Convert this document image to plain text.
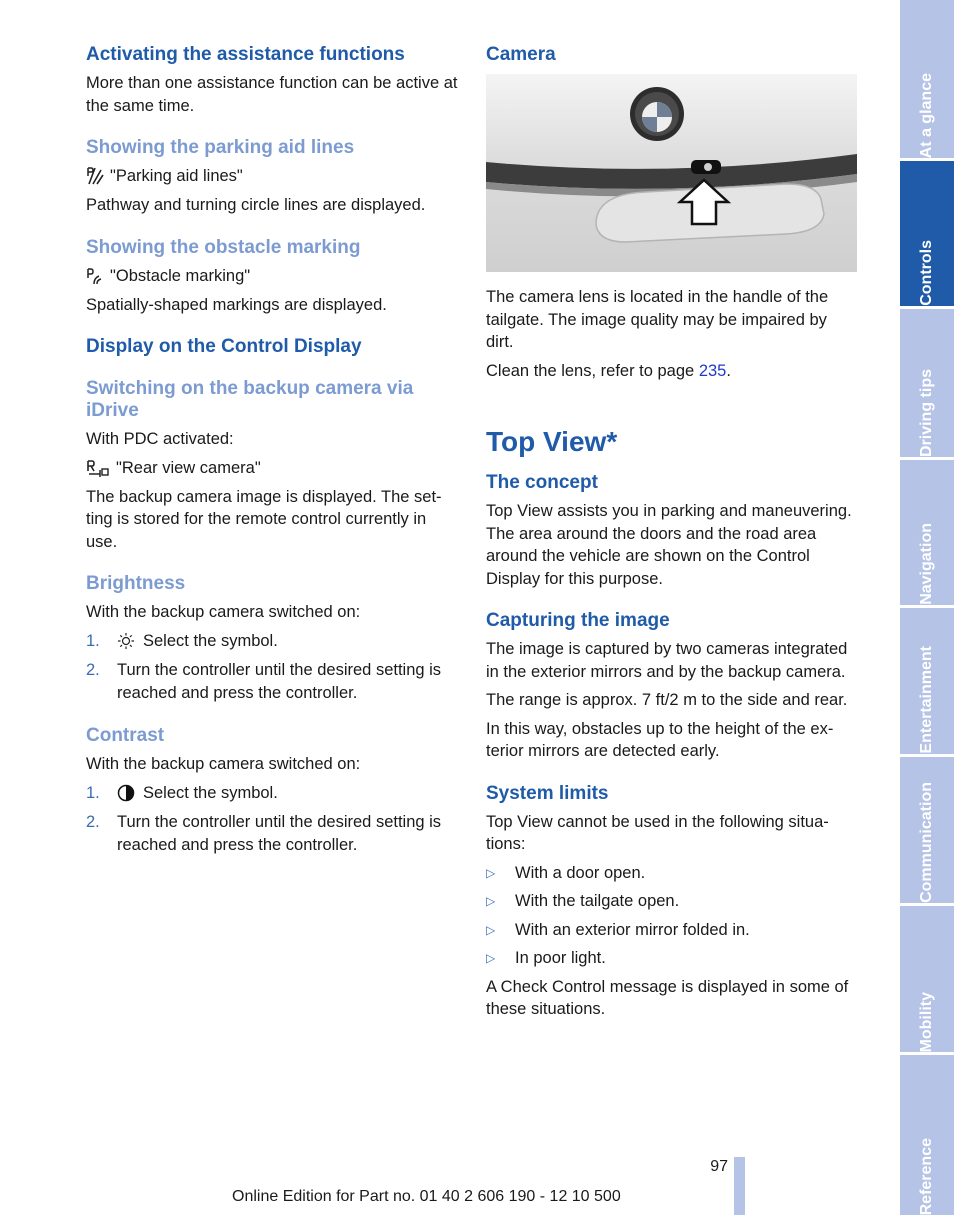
Activating the assistance functions

More than one assistance function can be active at the same time.

Showing the parking aid lines
"Parking aid lines"

Pathway and turning circle lines are displayed.

Showing the obstacle marking
"Obstacle marking"

Spatially-shaped markings are displayed.

Display on the Control Display
Switching on the backup camera via iDrive

With PDC activated:

"Rear view camera"

The backup camera image is displayed. The setting is stored for the remote control currently in use.

Brightness

With the backup camera switched on:

1.	Select the symbol.
2.	Turn the controller until the desired setting is reached and press the controller.
Contrast

With the backup camera switched on:

1.	Select the symbol.
2.	Turn the controller until the desired setting is reached and press the controller.
Camera

The camera lens is located in the handle of the tailgate. The image quality may be impaired by dirt.

Clean the lens, refer to page 235.

Top View*
The concept

Top View assists you in parking and maneuvering. The area around the doors and the road area around the vehicle are shown on the Control Display for this purpose.

Capturing the image

The image is captured by two cameras integrated in the exterior mirrors and by the backup camera.

The range is approx. 7 ft/2 m to the side and rear.

In this way, obstacles up to the height of the exterior mirrors are detected early.

System limits

Top View cannot be used in the following situations:

▷	With a door open.
▷	With the tailgate open.
▷	With an exterior mirror folded in.
▷	In poor light.

A Check Control message is displayed in some of these situations.

At a glance
Controls
Driving tips
Navigation
Entertainment
Communication
Mobility
Reference
97
Online Edition for Part no. 01 40 2 606 190 - 12 10 500
